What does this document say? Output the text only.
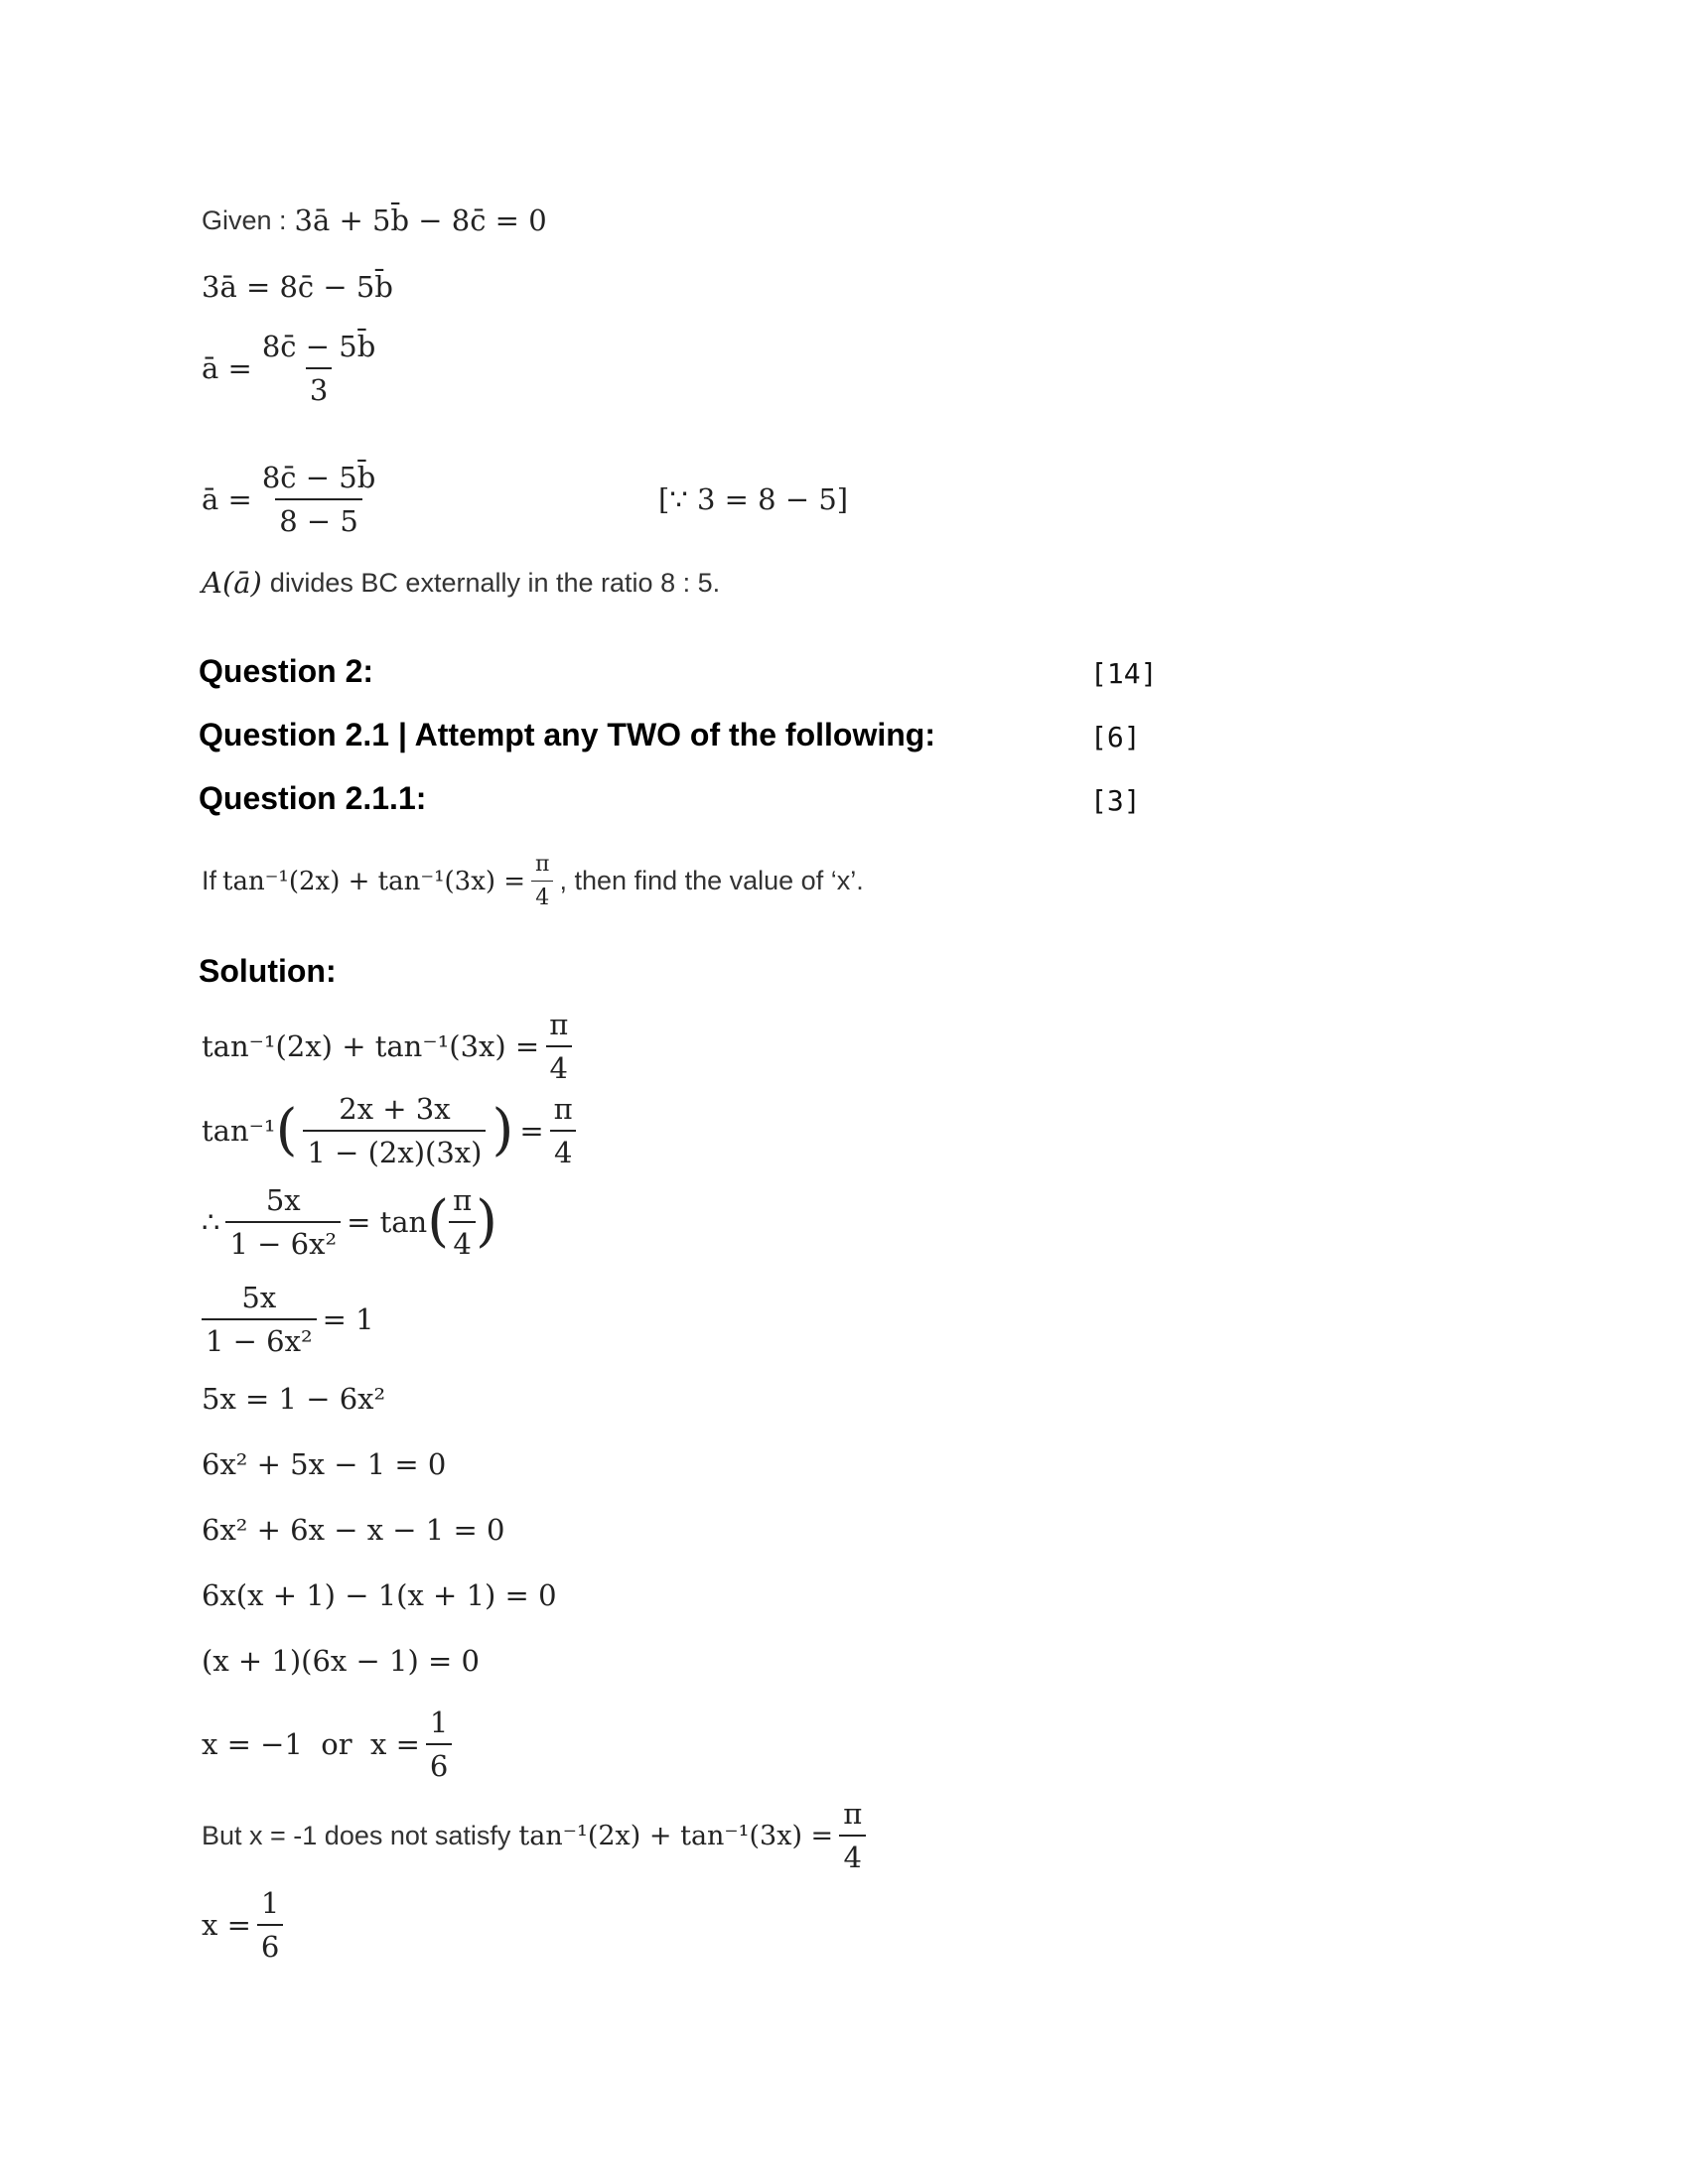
Given : 3ā + 5b̄ − 8c̄ = 0
3ā = 8c̄ − 5b̄
ā = $\frac{8c̄ - 5b̄}{3}$
ā = $\frac{8c̄ - 5b̄}{8 - 5}$	[∵ 3 = 8 − 5]
A(ā) divides BC externally in the ratio 8 : 5.
Question 2:	[14]
Question 2.1 | Attempt any TWO of the following:	[6]
Question 2.1.1:	[3]
If $\tan^{-1}(2x) + \tan^{-1}(3x) = \frac{\pi}{4}$ , then find the value of ‘x’.
Solution:
$\tan^{-1}(2x) + \tan^{-1}(3x) = \frac{\pi}{4}$
tan⁻¹ ( $\frac{2x + 3x}{1 - (2x)(3x)}$ ) = $\frac{\pi}{4}$
∴ $\frac{5x}{\text{1 − 6x²}} = \tan$ ( $\frac{\pi}{4}$ )
$\frac{5x}{\text{1 − 6x²}} = 1$
5x = 1 − 6x²
6x² + 5x − 1 = 0
6x² + 6x − x − 1 = 0
6x(x + 1) − 1(x + 1) = 0
(x + 1)(6x − 1) = 0
x = −1  or  $x = \frac{1}{6}$
But x = -1 does not satisfy $\tan^{-1}(2x) + \tan^{-1}(3x) = \frac{\pi}{4}$
$x = \frac{1}{6}$
